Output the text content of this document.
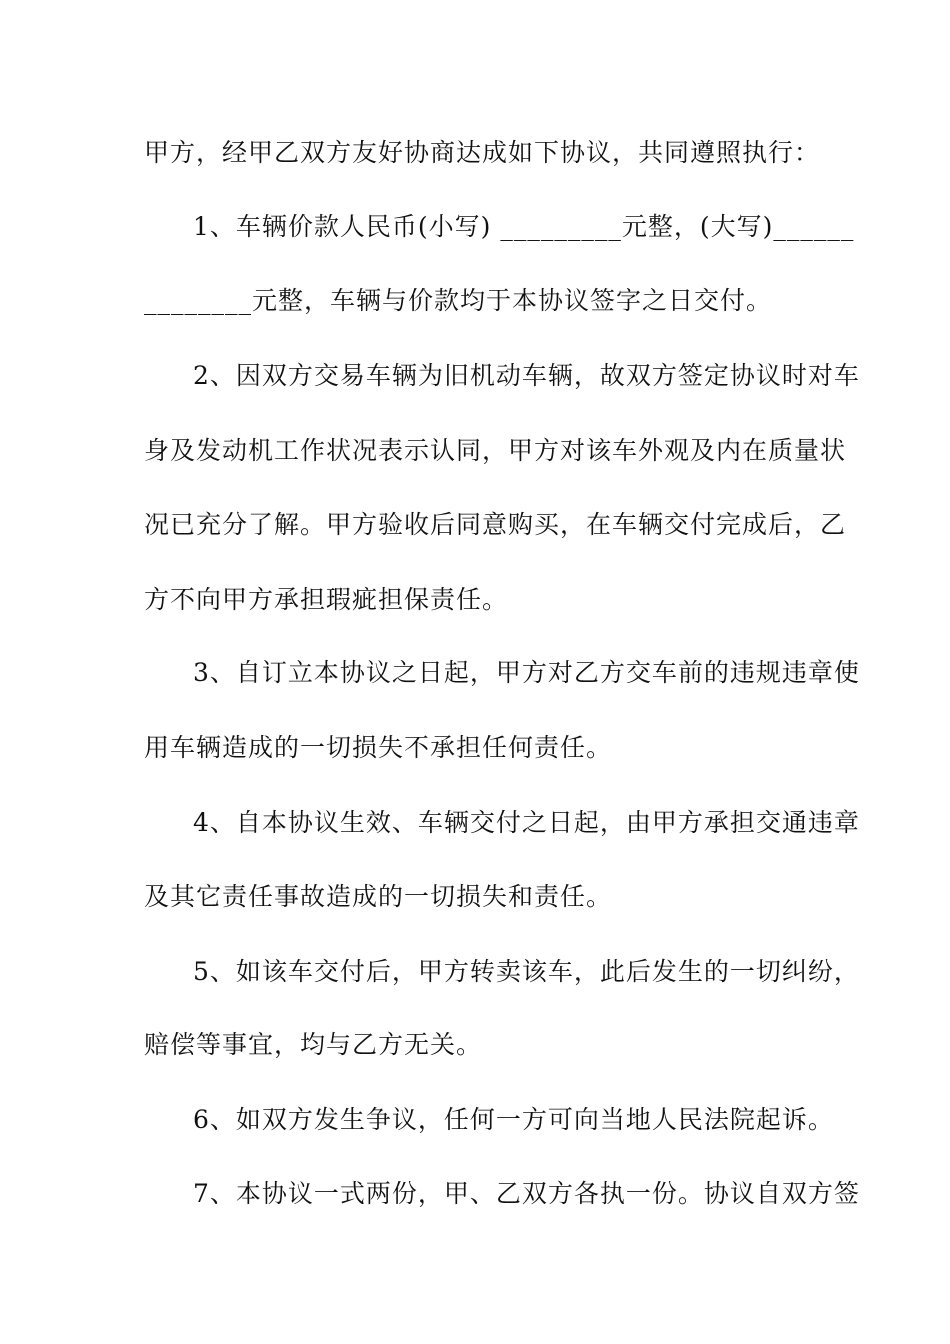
甲方，经甲乙双方友好协商达成如下协议，共同遵照执行：
1、车辆价款人民币(小写) _________元整，(大写)______
________元整，车辆与价款均于本协议签字之日交付。
2、因双方交易车辆为旧机动车辆，故双方签定协议时对车
身及发动机工作状况表示认同，甲方对该车外观及内在质量状
况已充分了解。甲方验收后同意购买，在车辆交付完成后，乙
方不向甲方承担瑕疵担保责任。
3、自订立本协议之日起，甲方对乙方交车前的违规违章使
用车辆造成的一切损失不承担任何责任。
4、自本协议生效、车辆交付之日起，由甲方承担交通违章
及其它责任事故造成的一切损失和责任。
5、如该车交付后，甲方转卖该车，此后发生的一切纠纷，
赔偿等事宜，均与乙方无关。
6、如双方发生争议，任何一方可向当地人民法院起诉。
7、本协议一式两份，甲、乙双方各执一份。协议自双方签
